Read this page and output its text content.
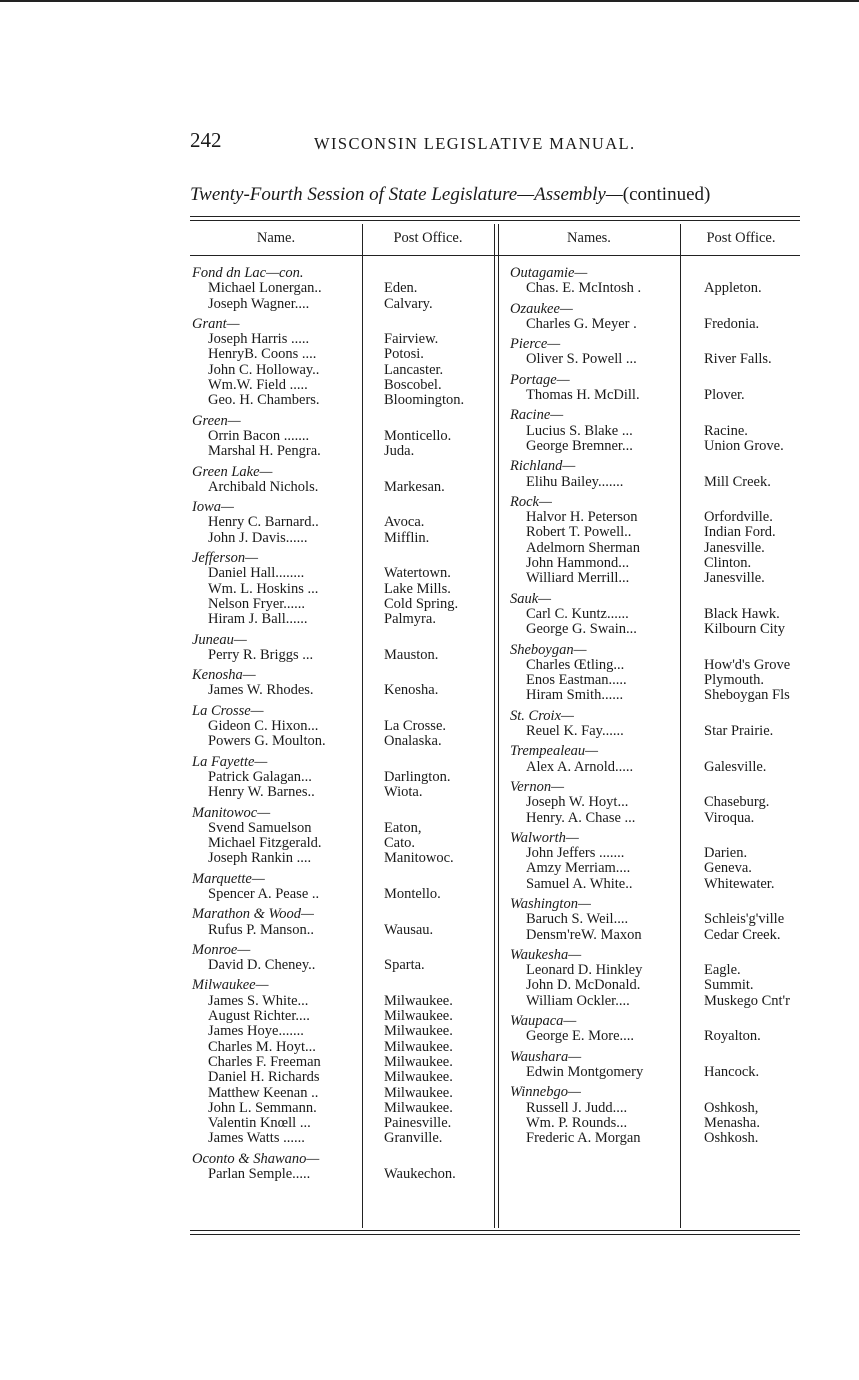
242	WISCONSIN LEGISLATIVE MANUAL.
Twenty-Fourth Session of State Legislature—Assembly—(continued)
Name.	Post Office.	Names.	Post Office.
Fond dn Lac—con.
Michael Lonergan..	Eden.
Joseph Wagner....	Calvary.
Grant—
Joseph Harris .....	Fairview.
HenryB. Coons ....	Potosi.
John C. Holloway..	Lancaster.
Wm.W. Field .....	Boscobel.
Geo. H. Chambers.	Bloomington.
Green—
Orrin Bacon .......	Monticello.
Marshal H. Pengra.	Juda.
Green Lake—
Archibald Nichols.	Markesan.
Iowa—
Henry C. Barnard..	Avoca.
John J. Davis......	Mifflin.
Jefferson—
Daniel Hall........	Watertown.
Wm. L. Hoskins ...	Lake Mills.
Nelson Fryer......	Cold Spring.
Hiram J. Ball......	Palmyra.
Juneau—
Perry R. Briggs ...	Mauston.
Kenosha—
James W. Rhodes.	Kenosha.
La Crosse—
Gideon C. Hixon...	La Crosse.
Powers G. Moulton.	Onalaska.
La Fayette—
Patrick Galagan...	Darlington.
Henry W. Barnes..	Wiota.
Manitowoc—
Svend Samuelson	Eaton,
Michael Fitzgerald.	Cato.
Joseph Rankin ....	Manitowoc.
Marquette—
Spencer A. Pease ..	Montello.
Marathon & Wood—
Rufus P. Manson..	Wausau.
Monroe—
David D. Cheney..	Sparta.
Milwaukee—
James S. White...	Milwaukee.
August Richter....	Milwaukee.
James Hoye.......	Milwaukee.
Charles M. Hoyt...	Milwaukee.
Charles F. Freeman	Milwaukee.
Daniel H. Richards	Milwaukee.
Matthew Keenan ..	Milwaukee.
John L. Semmann.	Milwaukee.
Valentin Knœll ...	Painesville.
James Watts ......	Granville.
Oconto & Shawano—
Parlan Semple.....	Waukechon.
Outagamie—
Chas. E. McIntosh .	Appleton.
Ozaukee—
Charles G. Meyer .	Fredonia.
Pierce—
Oliver S. Powell ...	River Falls.
Portage—
Thomas H. McDill.	Plover.
Racine—
Lucius S. Blake ...	Racine.
George Bremner...	Union Grove.
Richland—
Elihu Bailey.......	Mill Creek.
Rock—
Halvor H. Peterson	Orfordville.
Robert T. Powell..	Indian Ford.
Adelmorn Sherman	Janesville.
John Hammond...	Clinton.
Williard Merrill...	Janesville.
Sauk—
Carl C. Kuntz......	Black Hawk.
George G. Swain...	Kilbourn City
Sheboygan—
Charles Œtling...	How'd's Grove
Enos Eastman.....	Plymouth.
Hiram Smith......	Sheboygan Fls
St. Croix—
Reuel K. Fay......	Star Prairie.
Trempealeau—
Alex A. Arnold.....	Galesville.
Vernon—
Joseph W. Hoyt...	Chaseburg.
Henry. A. Chase ...	Viroqua.
Walworth—
John Jeffers .......	Darien.
Amzy Merriam....	Geneva.
Samuel A. White..	Whitewater.
Washington—
Baruch S. Weil....	Schleis'g'ville
Densm'reW. Maxon	Cedar Creek.
Waukesha—
Leonard D. Hinkley	Eagle.
John D. McDonald.	Summit.
William Ockler....	Muskego Cnt'r
Waupaca—
George E. More....	Royalton.
Waushara—
Edwin Montgomery	Hancock.
Winnebgo—
Russell J. Judd....	Oshkosh,
Wm. P. Rounds...	Menasha.
Frederic A. Morgan	Oshkosh.
